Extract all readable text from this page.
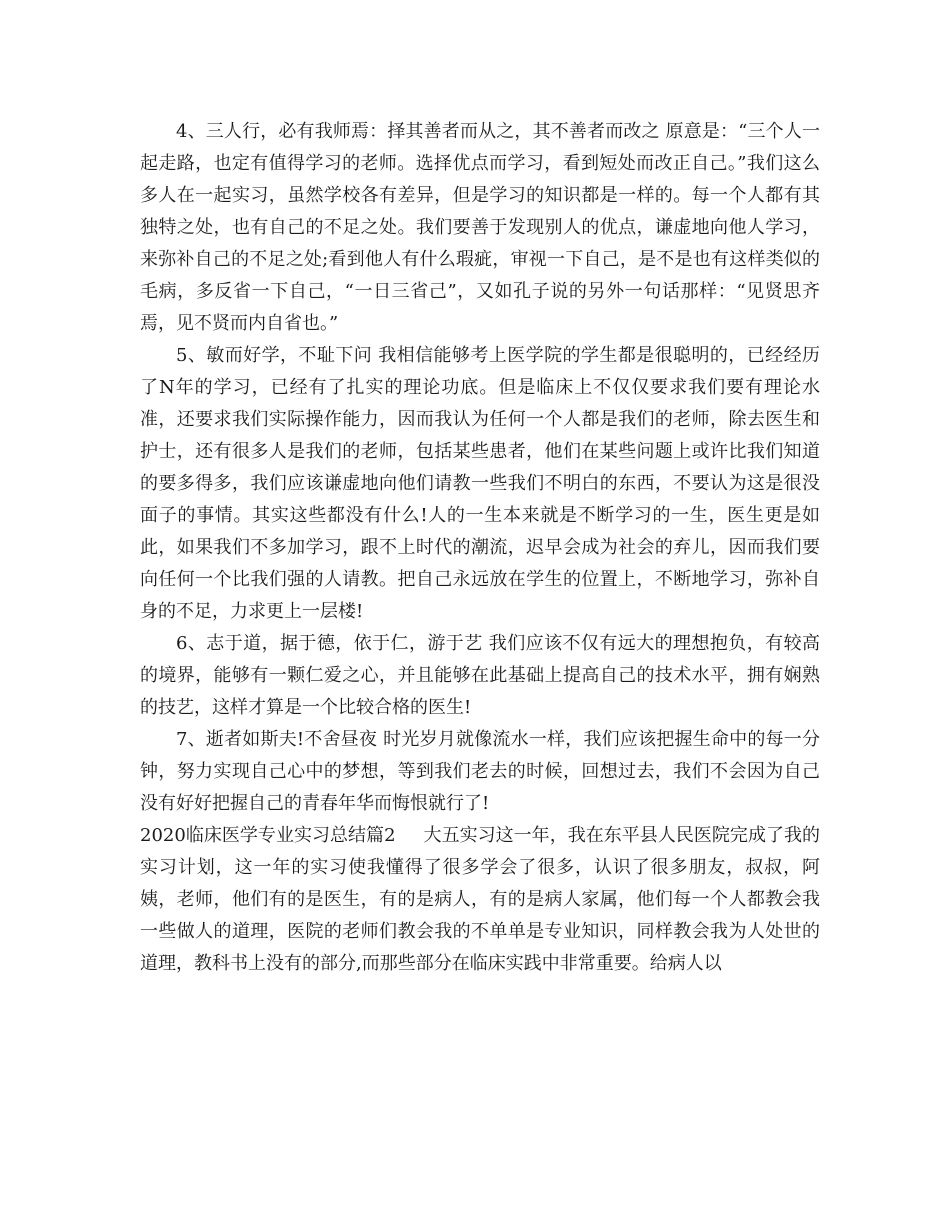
4、三人行，必有我师焉：择其善者而从之，其不善者而改之 原意是：“三个人一起走路，也定有值得学习的老师。选择优点而学习，看到短处而改正自己。”我们这么多人在一起实习，虽然学校各有差异，但是学习的知识都是一样的。每一个人都有其独特之处，也有自己的不足之处。我们要善于发现别人的优点，谦虚地向他人学习，来弥补自己的不足之处;看到他人有什么瑕疵，审视一下自己，是不是也有这样类似的毛病，多反省一下自己，“一日三省己”，又如孔子说的另外一句话那样：“见贤思齐焉，见不贤而内自省也。”

5、敏而好学，不耻下问 我相信能够考上医学院的学生都是很聪明的，已经经历了N年的学习，已经有了扎实的理论功底。但是临床上不仅仅要求我们要有理论水准，还要求我们实际操作能力，因而我认为任何一个人都是我们的老师，除去医生和护士，还有很多人是我们的老师，包括某些患者，他们在某些问题上或许比我们知道的要多得多，我们应该谦虚地向他们请教一些我们不明白的东西，不要认为这是很没面子的事情。其实这些都没有什么!人的一生本来就是不断学习的一生，医生更是如此，如果我们不多加学习，跟不上时代的潮流，迟早会成为社会的弃儿，因而我们要向任何一个比我们强的人请教。把自己永远放在学生的位置上，不断地学习，弥补自身的不足，力求更上一层楼!

6、志于道，据于德，依于仁，游于艺 我们应该不仅有远大的理想抱负，有较高的境界，能够有一颗仁爱之心，并且能够在此基础上提高自己的技术水平，拥有娴熟的技艺，这样才算是一个比较合格的医生!

7、逝者如斯夫!不舍昼夜 时光岁月就像流水一样，我们应该把握生命中的每一分钟，努力实现自己心中的梦想，等到我们老去的时候，回想过去，我们不会因为自己没有好好把握自己的青春年华而悔恨就行了!

2020临床医学专业实习总结篇2 大五实习这一年，我在东平县人民医院完成了我的实习计划，这一年的实习使我懂得了很多学会了很多，认识了很多朋友，叔叔，阿姨，老师，他们有的是医生，有的是病人，有的是病人家属，他们每一个人都教会我一些做人的道理，医院的老师们教会我的不单单是专业知识，同样教会我为人处世的道理，教科书上没有的部分,而那些部分在临床实践中非常重要。给病人以
